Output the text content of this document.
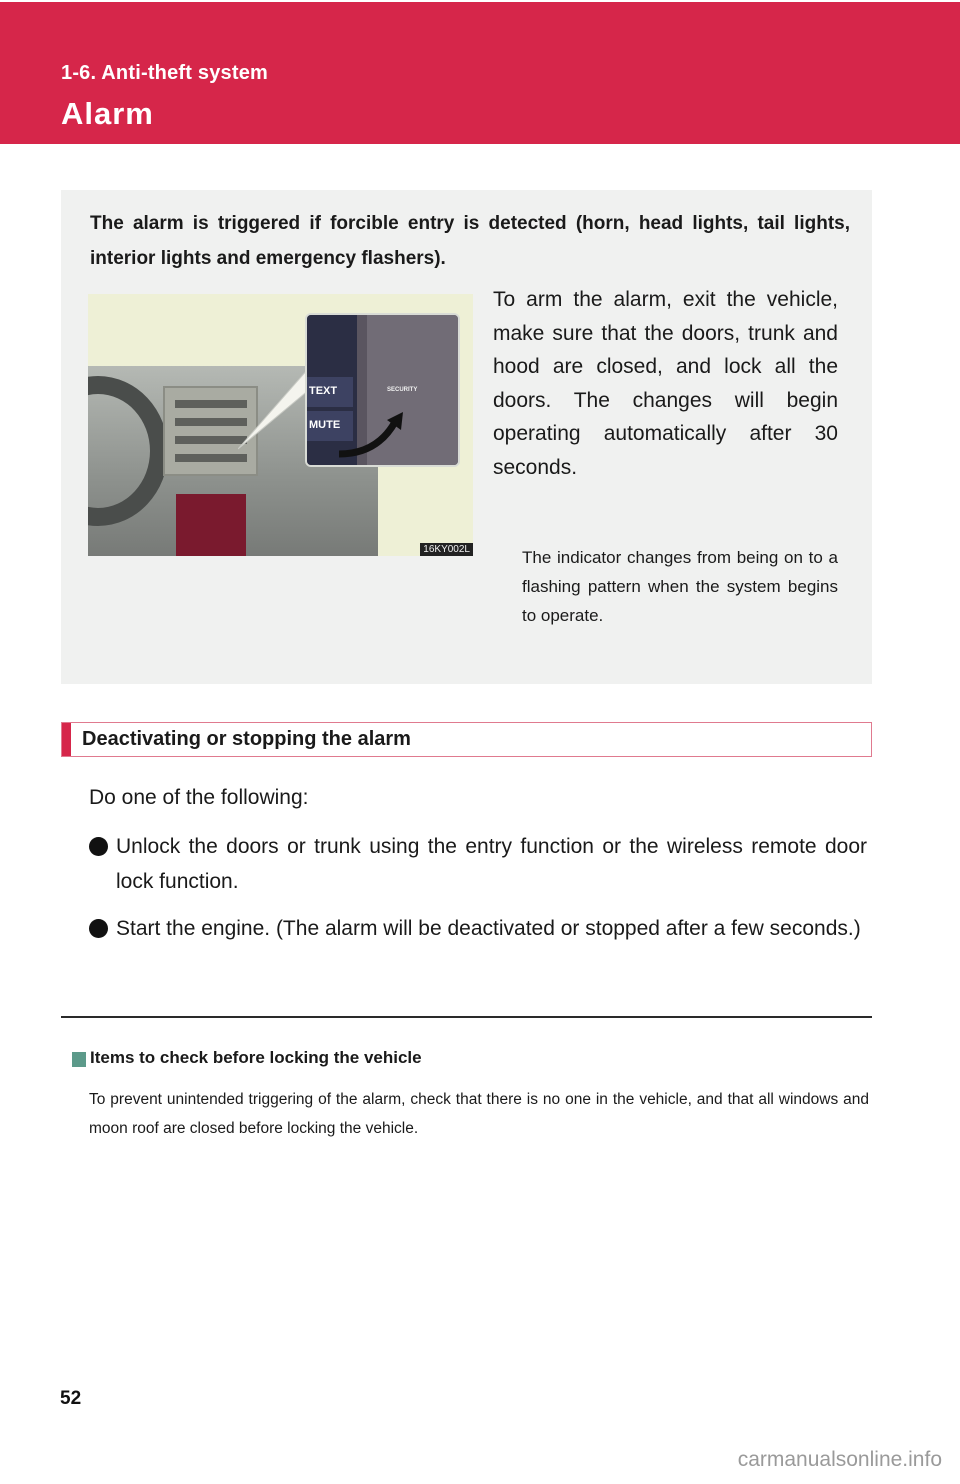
1-6. Anti-theft system
Alarm
The alarm is triggered if forcible entry is detected (horn, head lights, tail lights, interior lights and emergency flashers).
TEXT
MUTE
SECURITY
16KY002L
To arm the alarm, exit the vehicle, make sure that the doors, trunk and hood are closed, and lock all the doors. The changes will begin operating automatically after 30 seconds.
The indicator changes from being on to a flashing pattern when the system begins to operate.
Deactivating or stopping the alarm
Do one of the following:
Unlock the doors or trunk using the entry function or the wireless remote door lock function.
Start the engine. (The alarm will be deactivated or stopped after a few seconds.)
Items to check before locking the vehicle
To prevent unintended triggering of the alarm, check that there is no one in the vehicle, and that all windows and moon roof are closed before locking the vehicle.
52
carmanualsonline.info
